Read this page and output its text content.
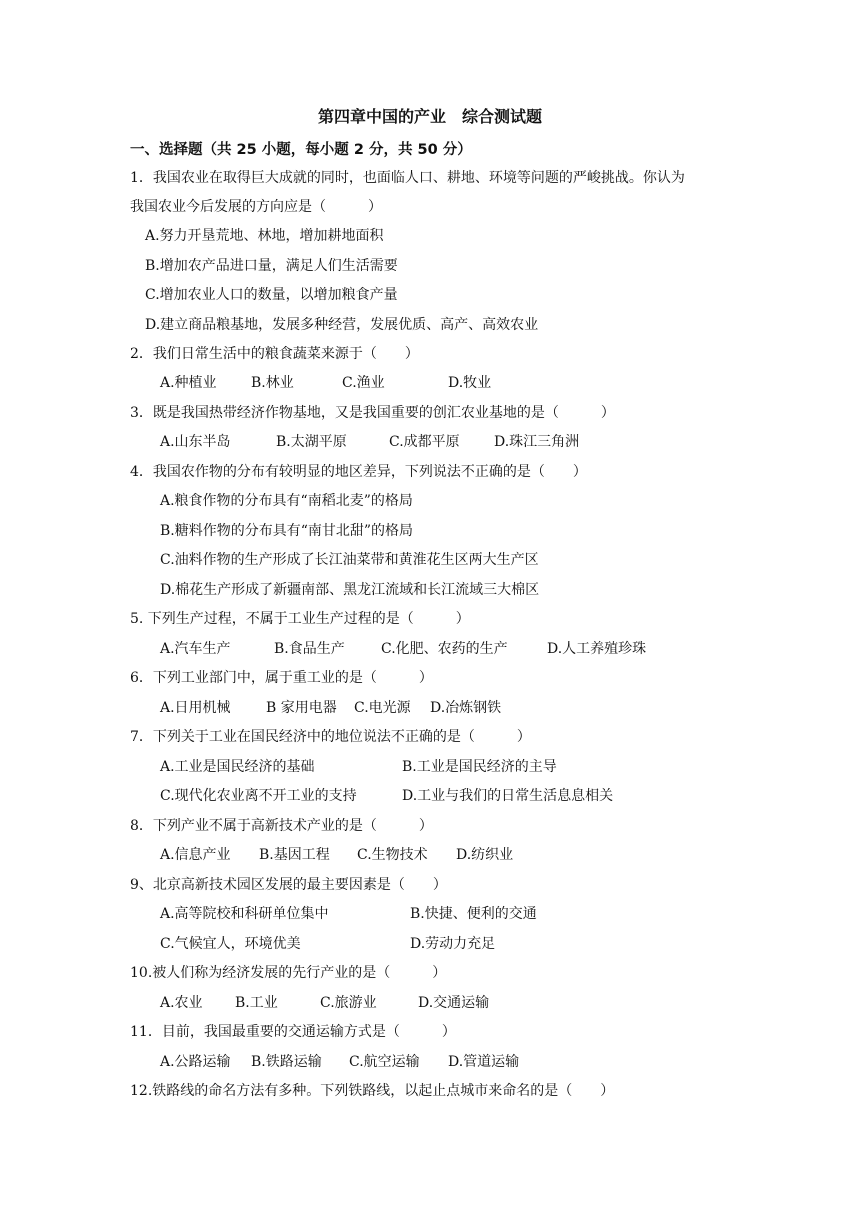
第四章中国的产业　综合测试题
一、选择题（共 25 小题，每小题 2 分，共 50 分）
1．我国农业在取得巨大成就的同时，也面临人口、耕地、环境等问题的严峻挑战。你认为
我国农业今后发展的方向应是（　　　）
A.努力开垦荒地、林地，增加耕地面积
B.增加农产品进口量，满足人们生活需要
C.增加农业人口的数量，以增加粮食产量
D.建立商品粮基地，发展多种经营，发展优质、高产、高效农业
2．我们日常生活中的粮食蔬菜来源于（　　）
A.种植业 B.林业	C.渔业	D.牧业
3．既是我国热带经济作物基地，又是我国重要的创汇农业基地的是（　　　）
A.山东半岛	B.太湖平原	C.成都平原 D.珠江三角洲
4．我国农作物的分布有较明显的地区差异，下列说法不正确的是（　　）
A.粮食作物的分布具有“南稻北麦”的格局
B.糖料作物的分布具有“南甘北甜”的格局
C.油料作物的生产形成了长江油菜带和黄淮花生区两大生产区
D.棉花生产形成了新疆南部、黑龙江流域和长江流域三大棉区
5. 下列生产过程，不属于工业生产过程的是（　　　）
A.汽车生产	B.食品生产	C.化肥、农药的生产	D.人工养殖珍珠
6．下列工业部门中，属于重工业的是（　　　）
A.日用机械	B 家用电器 C.电光源 D.冶炼钢铁
7．下列关于工业在国民经济中的地位说法不正确的是（　　　）
A.工业是国民经济的基础	B.工业是国民经济的主导
C.现代化农业离不开工业的支持	D.工业与我们的日常生活息息相关
8．下列产业不属于高新技术产业的是（　　　）
A.信息产业 B.基因工程 C.生物技术 D.纺织业
9、北京高新技术园区发展的最主要因素是（　　）
A.高等院校和科研单位集中	B.快捷、便利的交通
C.气候宜人，环境优美	D.劳动力充足
10.被人们称为经济发展的先行产业的是（　　　）
A.农业 B.工业	C.旅游业	D.交通运输
11．目前，我国最重要的交通运输方式是（　　　）
A.公路运输 B.铁路运输 C.航空运输 D.管道运输
12.铁路线的命名方法有多种。下列铁路线，以起止点城市来命名的是（　　）
